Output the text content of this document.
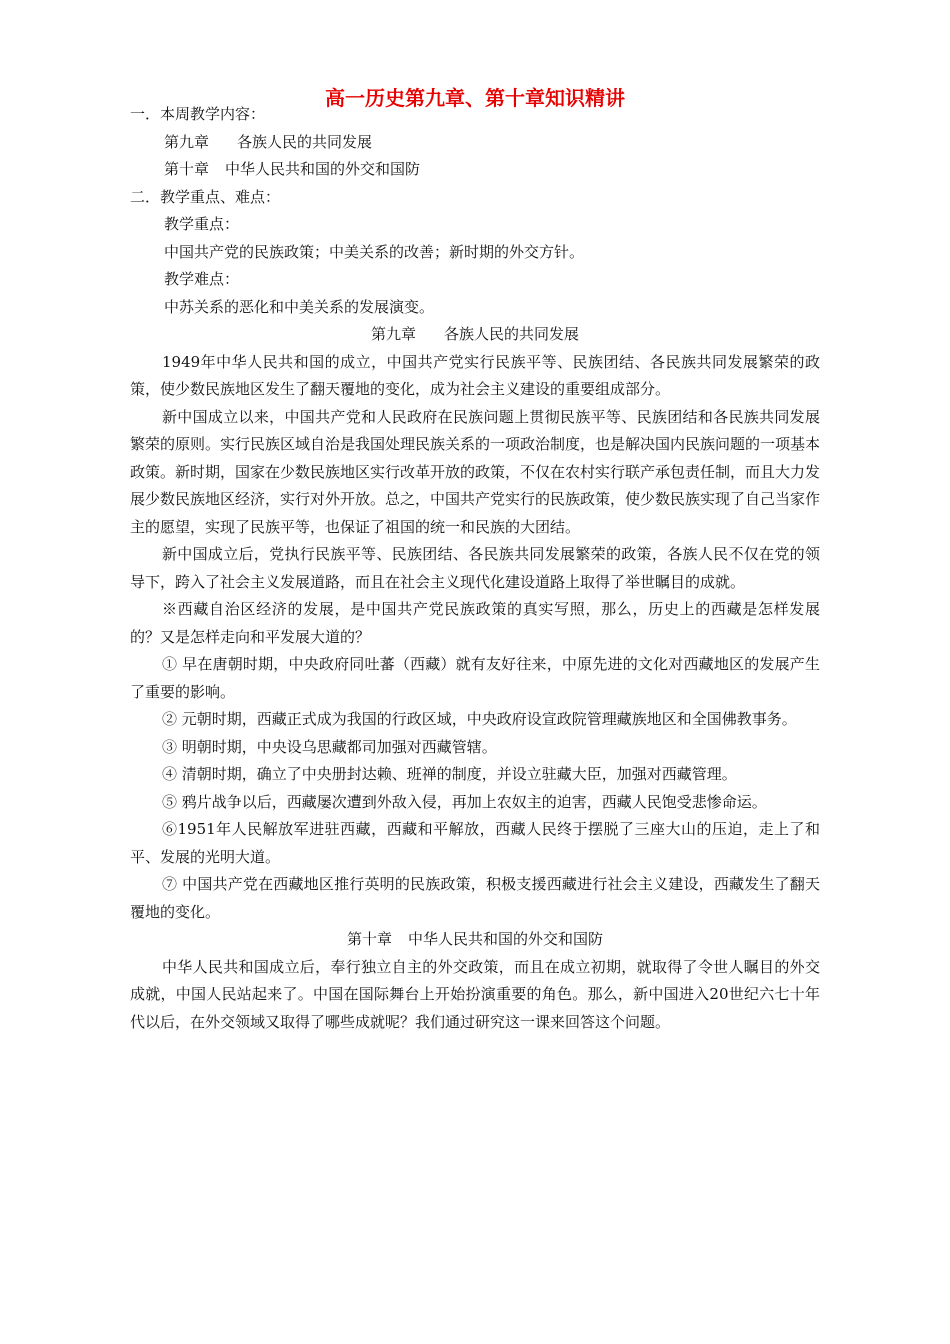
高一历史第九章、第十章知识精讲

一．本周教学内容：

第九章 各族人民的共同发展

第十章 中华人民共和国的外交和国防

二．教学重点、难点：

教学重点：

中国共产党的民族政策；中美关系的改善；新时期的外交方针。

教学难点：

中苏关系的恶化和中美关系的发展演变。

第九章 各族人民的共同发展

1949年中华人民共和国的成立，中国共产党实行民族平等、民族团结、各民族共同发展繁荣的政策，使少数民族地区发生了翻天覆地的变化，成为社会主义建设的重要组成部分。

新中国成立以来，中国共产党和人民政府在民族问题上贯彻民族平等、民族团结和各民族共同发展繁荣的原则。实行民族区域自治是我国处理民族关系的一项政治制度，也是解决国内民族问题的一项基本政策。新时期，国家在少数民族地区实行改革开放的政策，不仅在农村实行联产承包责任制，而且大力发展少数民族地区经济，实行对外开放。总之，中国共产党实行的民族政策，使少数民族实现了自己当家作主的愿望，实现了民族平等，也保证了祖国的统一和民族的大团结。

新中国成立后，党执行民族平等、民族团结、各民族共同发展繁荣的政策，各族人民不仅在党的领导下，跨入了社会主义发展道路，而且在社会主义现代化建设道路上取得了举世瞩目的成就。

※西藏自治区经济的发展，是中国共产党民族政策的真实写照，那么，历史上的西藏是怎样发展的？又是怎样走向和平发展大道的？

① 早在唐朝时期，中央政府同吐蕃（西藏）就有友好往来，中原先进的文化对西藏地区的发展产生了重要的影响。

② 元朝时期，西藏正式成为我国的行政区域，中央政府设宣政院管理藏族地区和全国佛教事务。

③ 明朝时期，中央设乌思藏都司加强对西藏管辖。

④ 清朝时期，确立了中央册封达赖、班禅的制度，并设立驻藏大臣，加强对西藏管理。

⑤ 鸦片战争以后，西藏屡次遭到外敌入侵，再加上农奴主的迫害，西藏人民饱受悲惨命运。

⑥1951年人民解放军进驻西藏，西藏和平解放，西藏人民终于摆脱了三座大山的压迫，走上了和平、发展的光明大道。

⑦ 中国共产党在西藏地区推行英明的民族政策，积极支援西藏进行社会主义建设，西藏发生了翻天覆地的变化。

第十章 中华人民共和国的外交和国防

中华人民共和国成立后，奉行独立自主的外交政策，而且在成立初期，就取得了令世人瞩目的外交成就，中国人民站起来了。中国在国际舞台上开始扮演重要的角色。那么，新中国进入20世纪六七十年代以后，在外交领域又取得了哪些成就呢？我们通过研究这一课来回答这个问题。
